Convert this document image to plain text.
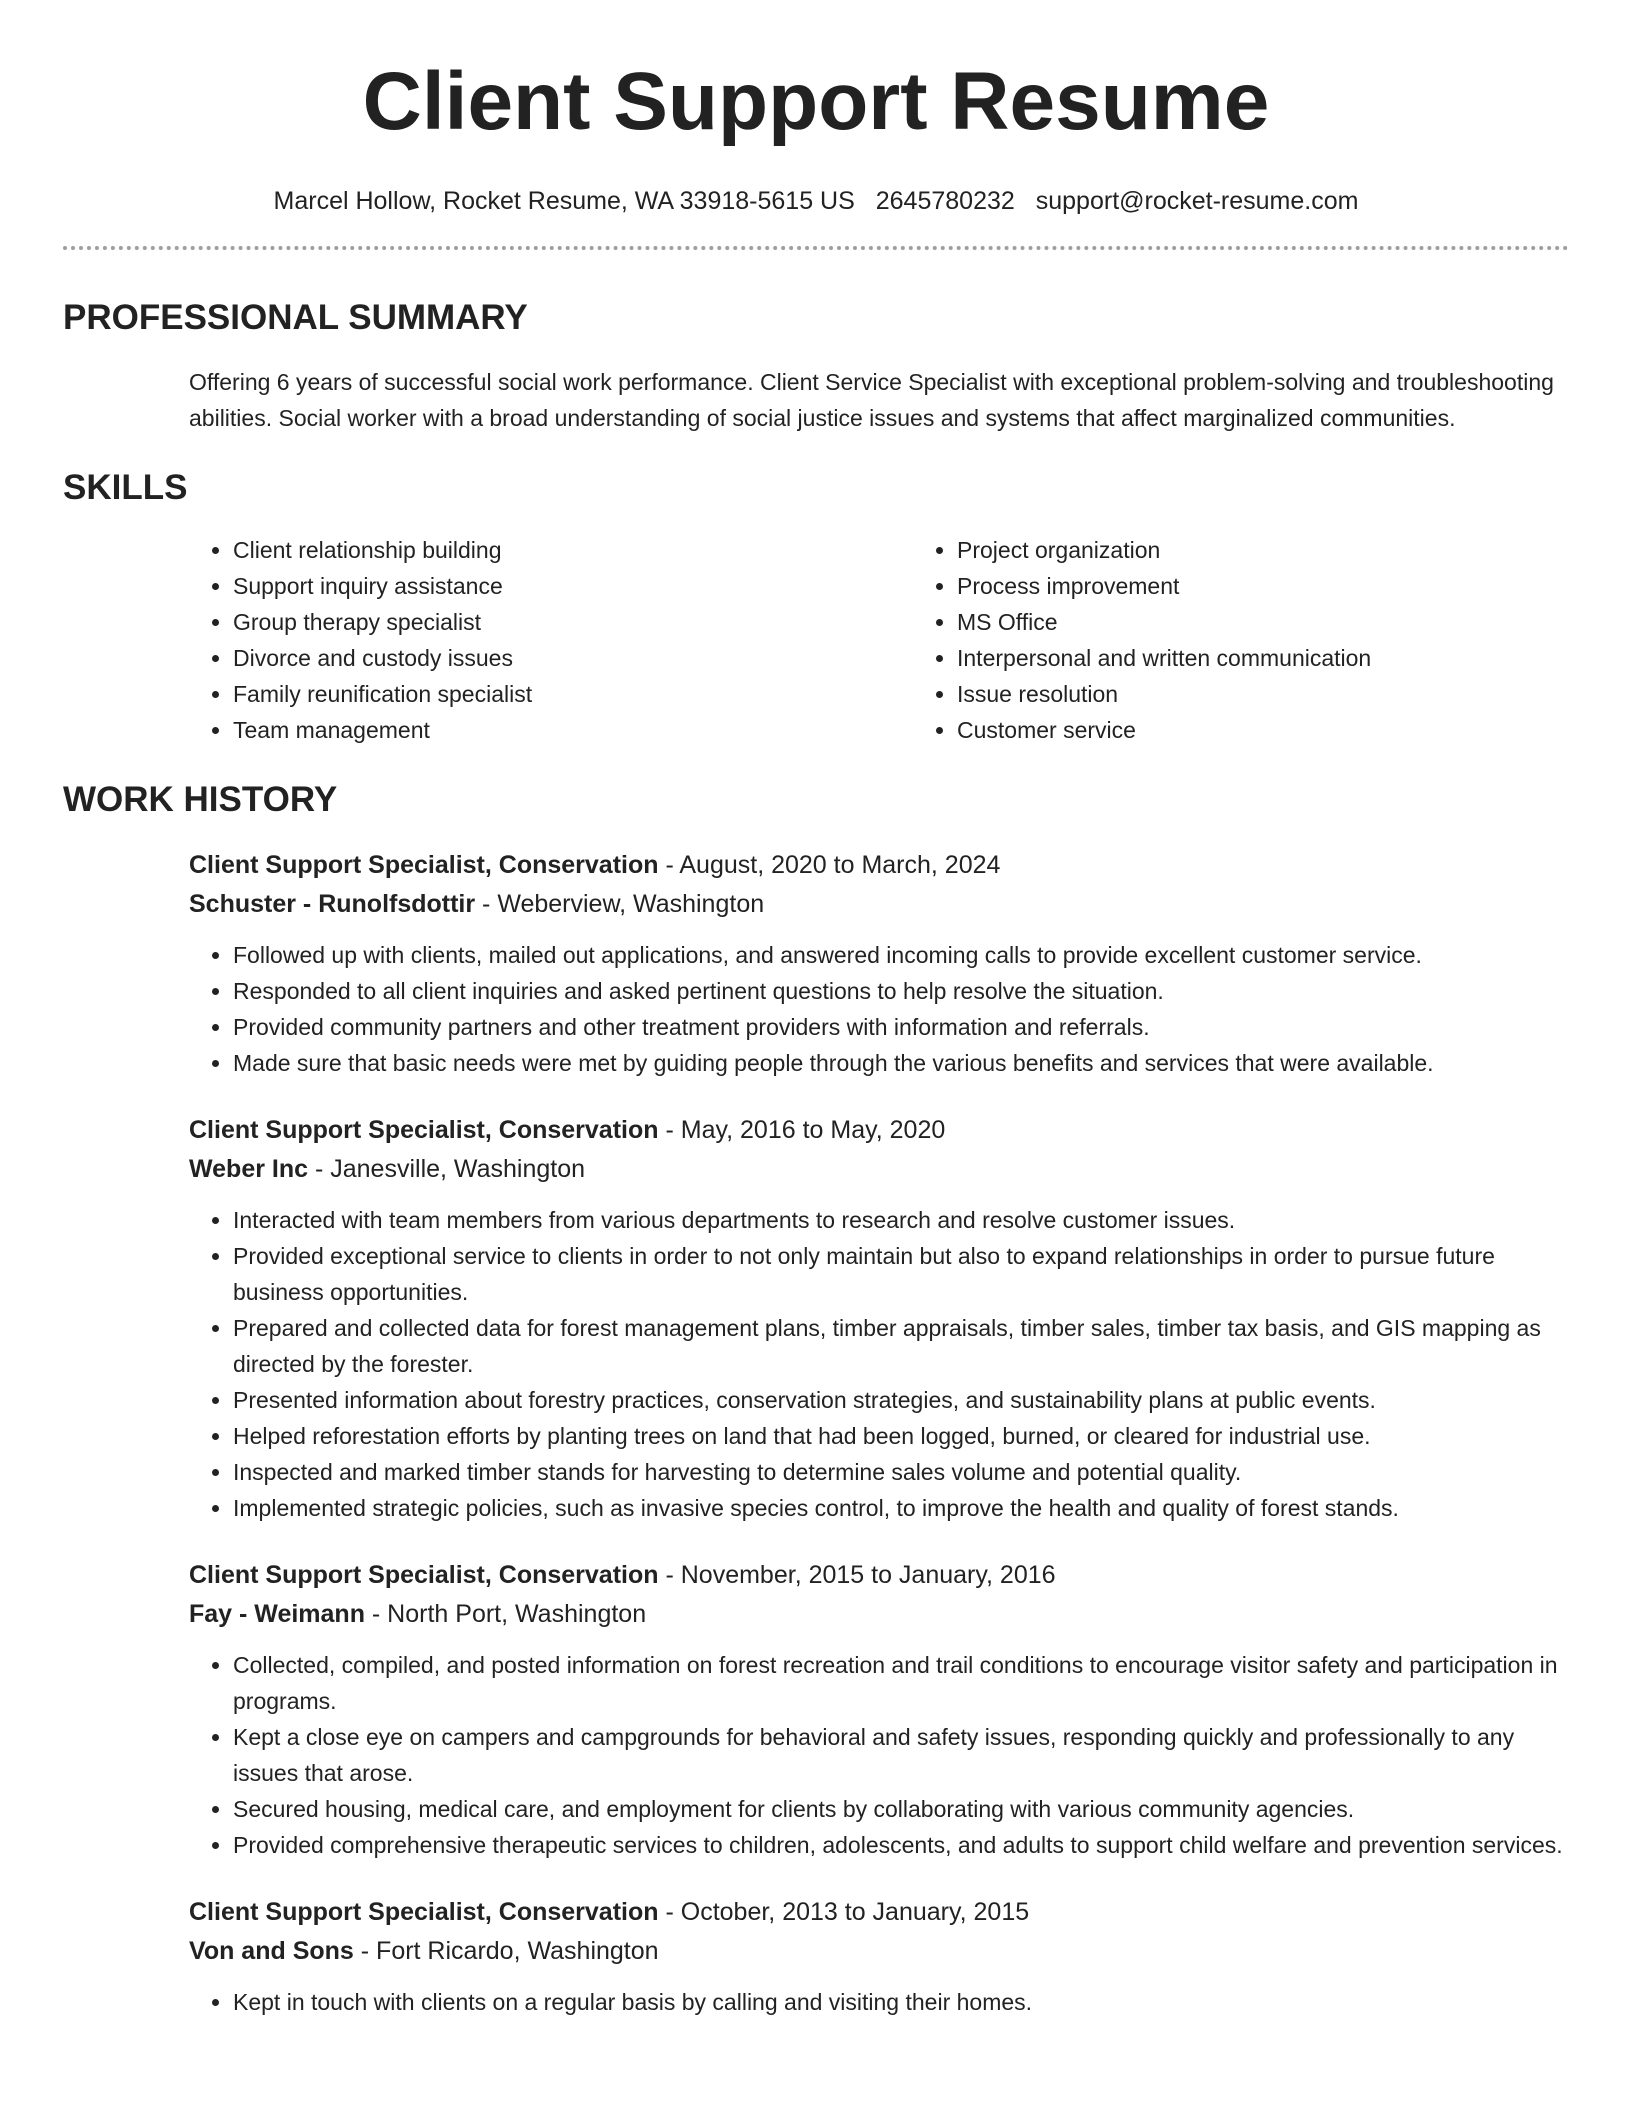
Client Support Resume
Marcel Hollow, Rocket Resume, WA 33918-5615 US 2645780232 support@rocket-resume.com
PROFESSIONAL SUMMARY

Offering 6 years of successful social work performance. Client Service Specialist with exceptional problem-solving and troubleshooting abilities. Social worker with a broad understanding of social justice issues and systems that affect marginalized communities.

SKILLS
• Client relationship building
• Support inquiry assistance
• Group therapy specialist
• Divorce and custody issues
• Family reunification specialist
• Team management
• Project organization
• Process improvement
• MS Office
• Interpersonal and written communication
• Issue resolution
• Customer service
WORK HISTORY
Client Support Specialist, Conservation - August, 2020 to March, 2024
Schuster - Runolfsdottir - Weberview, Washington
• Followed up with clients, mailed out applications, and answered incoming calls to provide excellent customer service.
• Responded to all client inquiries and asked pertinent questions to help resolve the situation.
• Provided community partners and other treatment providers with information and referrals.
• Made sure that basic needs were met by guiding people through the various benefits and services that were available.
Client Support Specialist, Conservation - May, 2016 to May, 2020
Weber Inc - Janesville, Washington
• Interacted with team members from various departments to research and resolve customer issues.
• Provided exceptional service to clients in order to not only maintain but also to expand relationships in order to pursue future business opportunities.
• Prepared and collected data for forest management plans, timber appraisals, timber sales, timber tax basis, and GIS mapping as directed by the forester.
• Presented information about forestry practices, conservation strategies, and sustainability plans at public events.
• Helped reforestation efforts by planting trees on land that had been logged, burned, or cleared for industrial use.
• Inspected and marked timber stands for harvesting to determine sales volume and potential quality.
• Implemented strategic policies, such as invasive species control, to improve the health and quality of forest stands.
Client Support Specialist, Conservation - November, 2015 to January, 2016
Fay - Weimann - North Port, Washington
• Collected, compiled, and posted information on forest recreation and trail conditions to encourage visitor safety and participation in programs.
• Kept a close eye on campers and campgrounds for behavioral and safety issues, responding quickly and professionally to any issues that arose.
• Secured housing, medical care, and employment for clients by collaborating with various community agencies.
• Provided comprehensive therapeutic services to children, adolescents, and adults to support child welfare and prevention services.
Client Support Specialist, Conservation - October, 2013 to January, 2015
Von and Sons - Fort Ricardo, Washington
• Kept in touch with clients on a regular basis by calling and visiting their homes.
